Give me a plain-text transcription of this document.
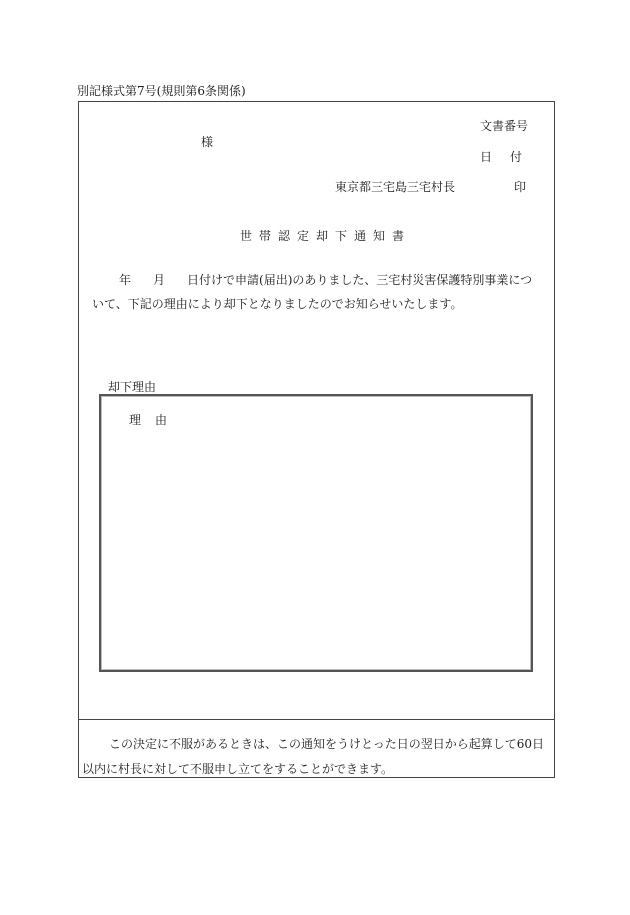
別記様式第7号(規則第6条関係)
文書番号
様
日付
東京都三宅島三宅村長	印
世帯認定却下通知書
年 月 日付けで申請(届出)のありました、三宅村災害保護特別事業につ
いて、下記の理由により却下となりましたのでお知らせいたします。
却下理由
理由
この決定に不服があるときは、この通知をうけとった日の翌日から起算して60日
以内に村長に対して不服申し立てをすることができます。
